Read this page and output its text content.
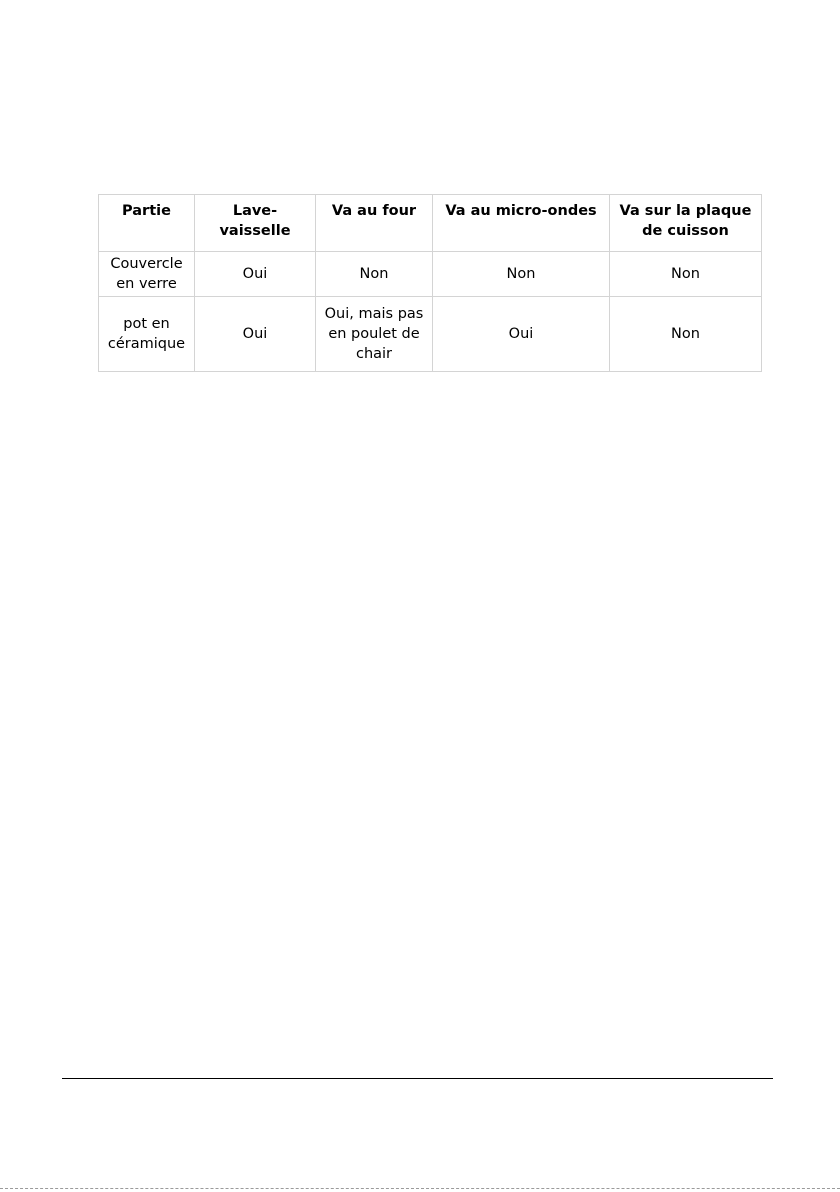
Partie	Lave-vaisselle	Va au four	Va au micro-ondes	Va sur la plaque de cuisson
Couvercle en verre	Oui	Non	Non	Non
pot en céramique	Oui	Oui, mais pas en poulet de chair	Oui	Non
